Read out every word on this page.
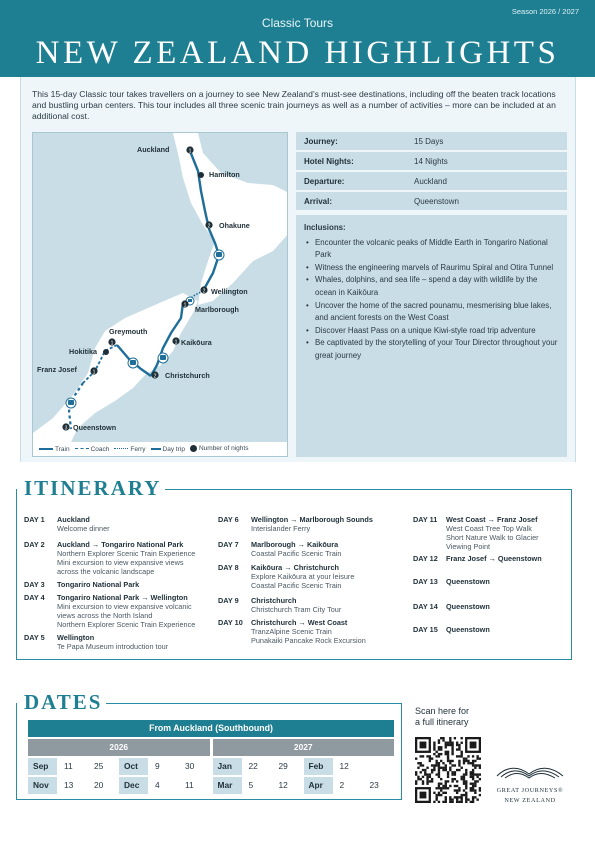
Season 2026 / 2027
Classic Tours
NEW ZEALAND HIGHLIGHTS

This 15-day Classic tour takes travellers on a journey to see New Zealand’s must-see destinations, including off the beaten track locations and bustling urban centers. This tour includes all three scenic train journeys as well as a number of activities – more can be included at an additional cost.

1
2
2
1
1
2
1
1
3
Auckland
Hamilton
Ohakune
Wellington
Marlborough
Greymouth
Kaikōura
Hokitika
Franz Josef
Christchurch
Queenstown
Train	Coach	Ferry	Day trip	Number of nights
Journey:	15 Days
Hotel Nights:	14 Nights
Departure:	Auckland
Arrival:	Queenstown
Inclusions:
• Encounter the volcanic peaks of Middle Earth in Tongariro National Park
• Witness the engineering marvels of Raurimu Spiral and Otira Tunnel
• Whales, dolphins, and sea life – spend a day with wildlife by the ocean in Kaikōura
• Uncover the home of the sacred pounamu, mesmerising blue lakes, and ancient forests on the West Coast
• Discover Haast Pass on a unique Kiwi-style road trip adventure
• Be captivated by the storytelling of your Tour Director throughout your great journey
ITINERARY
DAY 1	Auckland
Welcome dinner
DAY 2	Auckland → Tongariro National Park
Northern Explorer Scenic Train Experience
Mini excursion to view expansive views
across the volcanic landscape
DAY 3	Tongariro National Park
DAY 4	Tongariro National Park → Wellington
Mini excursion to view expansive volcanic
views across the North Island
Northern Explorer Scenic Train Experience
DAY 5	Wellington
Te Papa Museum introduction tour
DAY 6	Wellington → Marlborough Sounds
Interislander Ferry
DAY 7	Marlborough → Kaikōura
Coastal Pacific Scenic Train
DAY 8	Kaikōura → Christchurch
Explore Kaikōura at your leisure
Coastal Pacific Scenic Train
DAY 9	Christchurch
Christchurch Tram City Tour
DAY 10	Christchurch → West Coast
TranzAlpine Scenic Train
Punakaiki Pancake Rock Excursion
DAY 11	West Coast → Franz Josef
West Coast Tree Top Walk
Short Nature Walk to Glacier
Viewing Point
DAY 12	Franz Josef → Queenstown
DAY 13	Queenstown
DAY 14	Queenstown
DAY 15	Queenstown
DATES
From Auckland (Southbound)
2026	2027
Sep	11	25	Oct	9	30	Jan	22	29	Feb	12
Nov	13	20	Dec	4	11	Mar	5	12	Apr	2	23
Scan here for
a full itinerary
GREAT JOURNEYS®
NEW ZEALAND
